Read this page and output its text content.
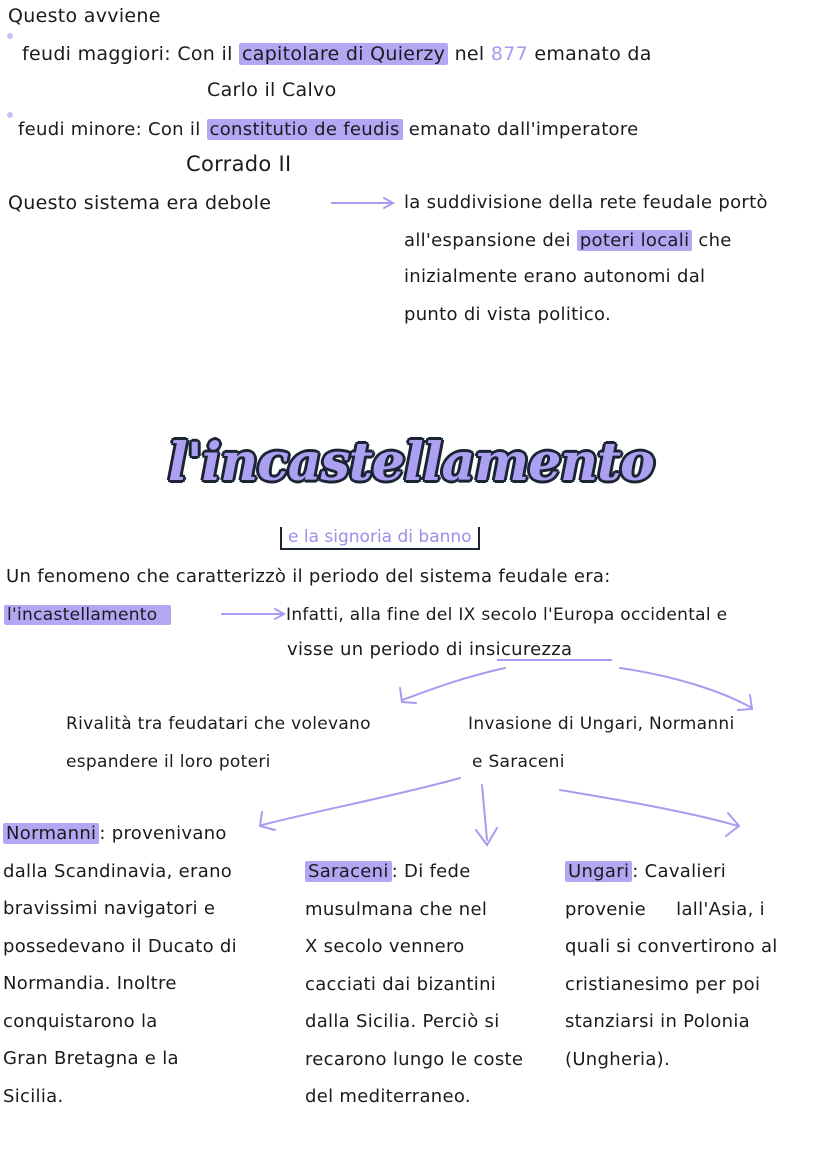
Questo avviene
feudi maggiori: Con il capitolare di Quierzy nel 877 emanato da
Carlo il Calvo
feudi minore: Con il constitutio de feudis emanato dall'imperatore
Corrado II
Questo sistema era debole	la suddivisione della rete feudale portò
all'espansione dei poteri locali che
inizialmente erano autonomi dal
punto di vista politico.
l'incastellamento
e la signoria di banno
Un fenomeno che caratterizzò il periodo del sistema feudale era:
l'incastellamento	Infatti, alla fine del IX secolo l'Europa occidental e
visse un periodo di insicurezza
Rivalità tra feudatari che volevano
espandere il loro poteri
Invasione di Ungari, Normanni
e Saraceni
Normanni : provenivano
dalla Scandinavia, erano
bravissimi navigatori e
possedevano il Ducato di
Normandia. Inoltre
conquistarono la
Gran Bretagna e la
Sicilia.
Saraceni : Di fede
musulmana che nel
X secolo vennero
cacciati dai bizantini
dalla Sicilia. Perciò si
recarono lungo le coste
del mediterraneo.
Ungari : Cavalieri
provenie     lall'Asia, i
quali si convertirono al
cristianesimo per poi
stanziarsi in Polonia
(Ungheria).
